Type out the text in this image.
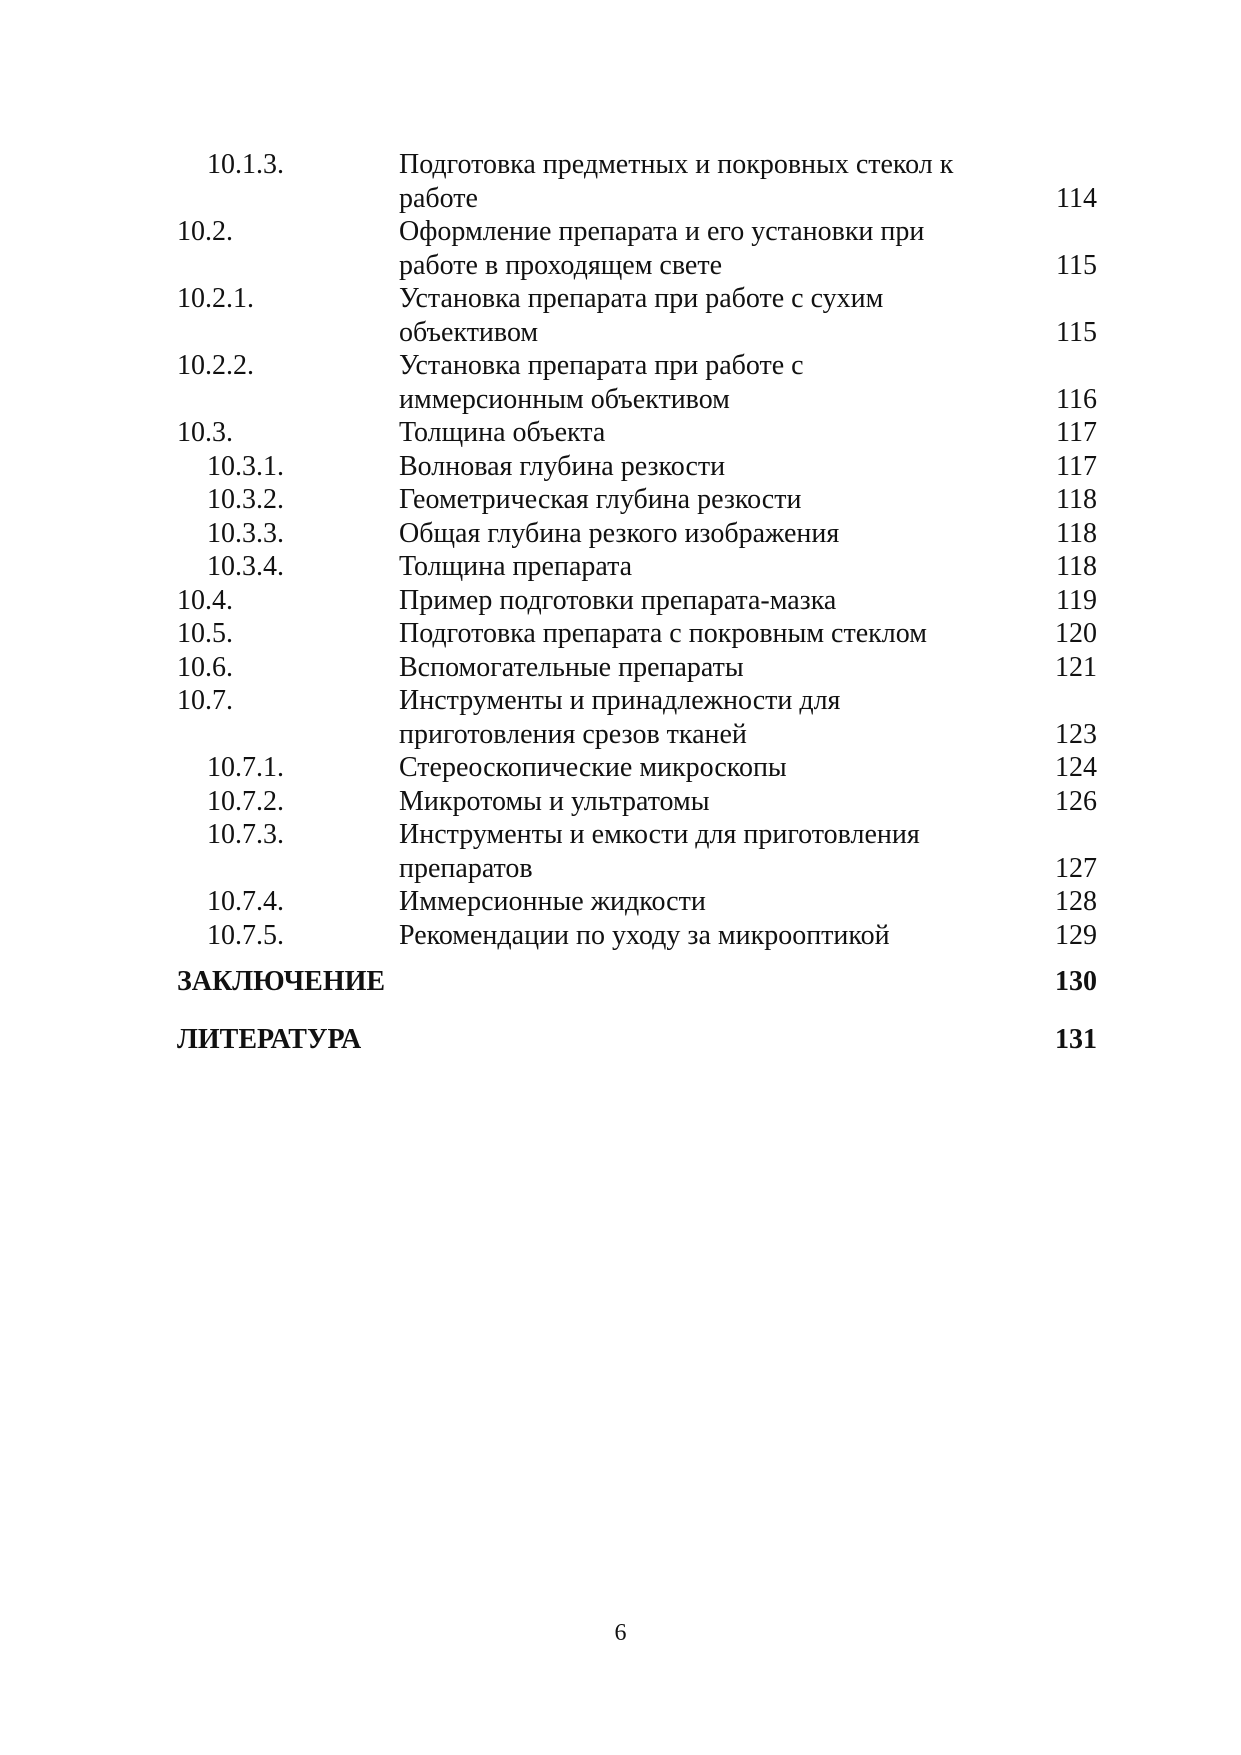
10.1.3.	Подготовка предметных и покровных стекол к работе	114
10.2.	Оформление препарата и его установки при работе в проходящем свете	115
10.2.1.	Установка препарата при работе с сухим объективом	115
10.2.2.	Установка препарата при работе с иммерсионным объективом	116
10.3.	Толщина объекта	117
10.3.1.	Волновая глубина резкости	117
10.3.2.	Геометрическая глубина резкости	118
10.3.3.	Общая глубина резкого изображения	118
10.3.4.	Толщина препарата	118
10.4.	Пример подготовки препарата-мазка	119
10.5.	Подготовка препарата с покровным стеклом	120
10.6.	Вспомогательные препараты	121
10.7.	Инструменты и принадлежности для приготовления срезов тканей	123
10.7.1.	Стереоскопические микроскопы	124
10.7.2.	Микротомы и ультратомы	126
10.7.3.	Инструменты и емкости для приготовления препаратов	127
10.7.4.	Иммерсионные жидкости	128
10.7.5.	Рекомендации по уходу за микрооптикой	129
ЗАКЛЮЧЕНИЕ	130
ЛИТЕРАТУРА	131
6
